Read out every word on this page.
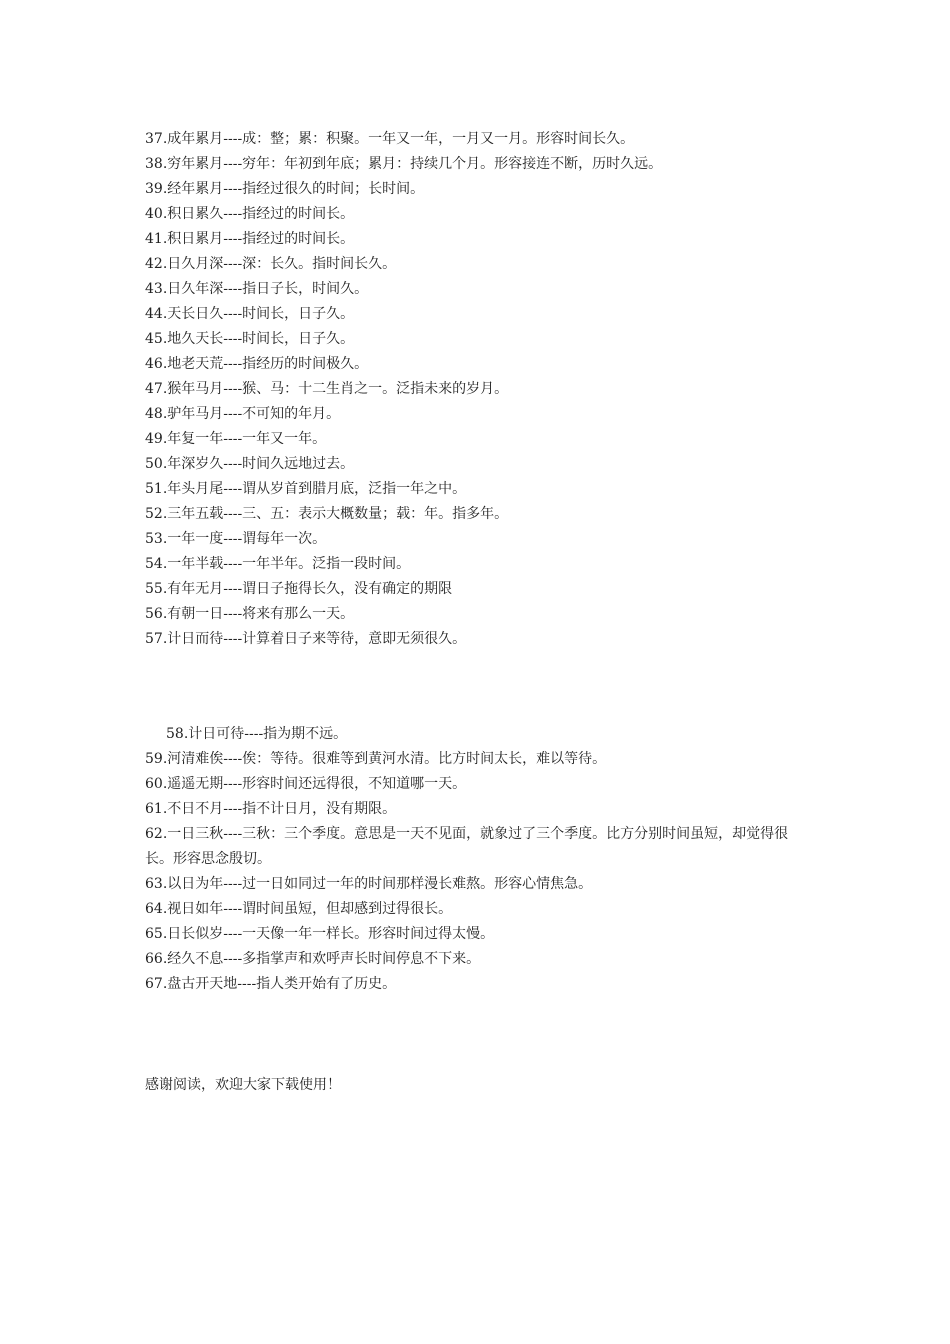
37.成年累月----成：整；累：积聚。一年又一年，一月又一月。形容时间长久。
38.穷年累月----穷年：年初到年底；累月：持续几个月。形容接连不断，历时久远。
39.经年累月----指经过很久的时间；长时间。
40.积日累久----指经过的时间长。
41.积日累月----指经过的时间长。
42.日久月深----深：长久。指时间长久。
43.日久年深----指日子长，时间久。
44.天长日久----时间长，日子久。
45.地久天长----时间长，日子久。
46.地老天荒----指经历的时间极久。
47.猴年马月----猴、马：十二生肖之一。泛指未来的岁月。
48.驴年马月----不可知的年月。
49.年复一年----一年又一年。
50.年深岁久----时间久远地过去。
51.年头月尾----谓从岁首到腊月底，泛指一年之中。
52.三年五载----三、五：表示大概数量；载：年。指多年。
53.一年一度----谓每年一次。
54.一年半载----一年半年。泛指一段时间。
55.有年无月----谓日子拖得长久，没有确定的期限
56.有朝一日----将来有那么一天。
57.计日而待----计算着日子来等待，意即无须很久。
58.计日可待----指为期不远。
59.河清难俟----俟：等待。很难等到黄河水清。比方时间太长，难以等待。
60.遥遥无期----形容时间还远得很，不知道哪一天。
61.不日不月----指不计日月，没有期限。
62.一日三秋----三秋：三个季度。意思是一天不见面，就象过了三个季度。比方分别时间虽短，却觉得很长。形容思念殷切。
63.以日为年----过一日如同过一年的时间那样漫长难熬。形容心情焦急。
64.视日如年----谓时间虽短，但却感到过得很长。
65.日长似岁----一天像一年一样长。形容时间过得太慢。
66.经久不息----多指掌声和欢呼声长时间停息不下来。
67.盘古开天地----指人类开始有了历史。
感谢阅读，欢迎大家下载使用！
